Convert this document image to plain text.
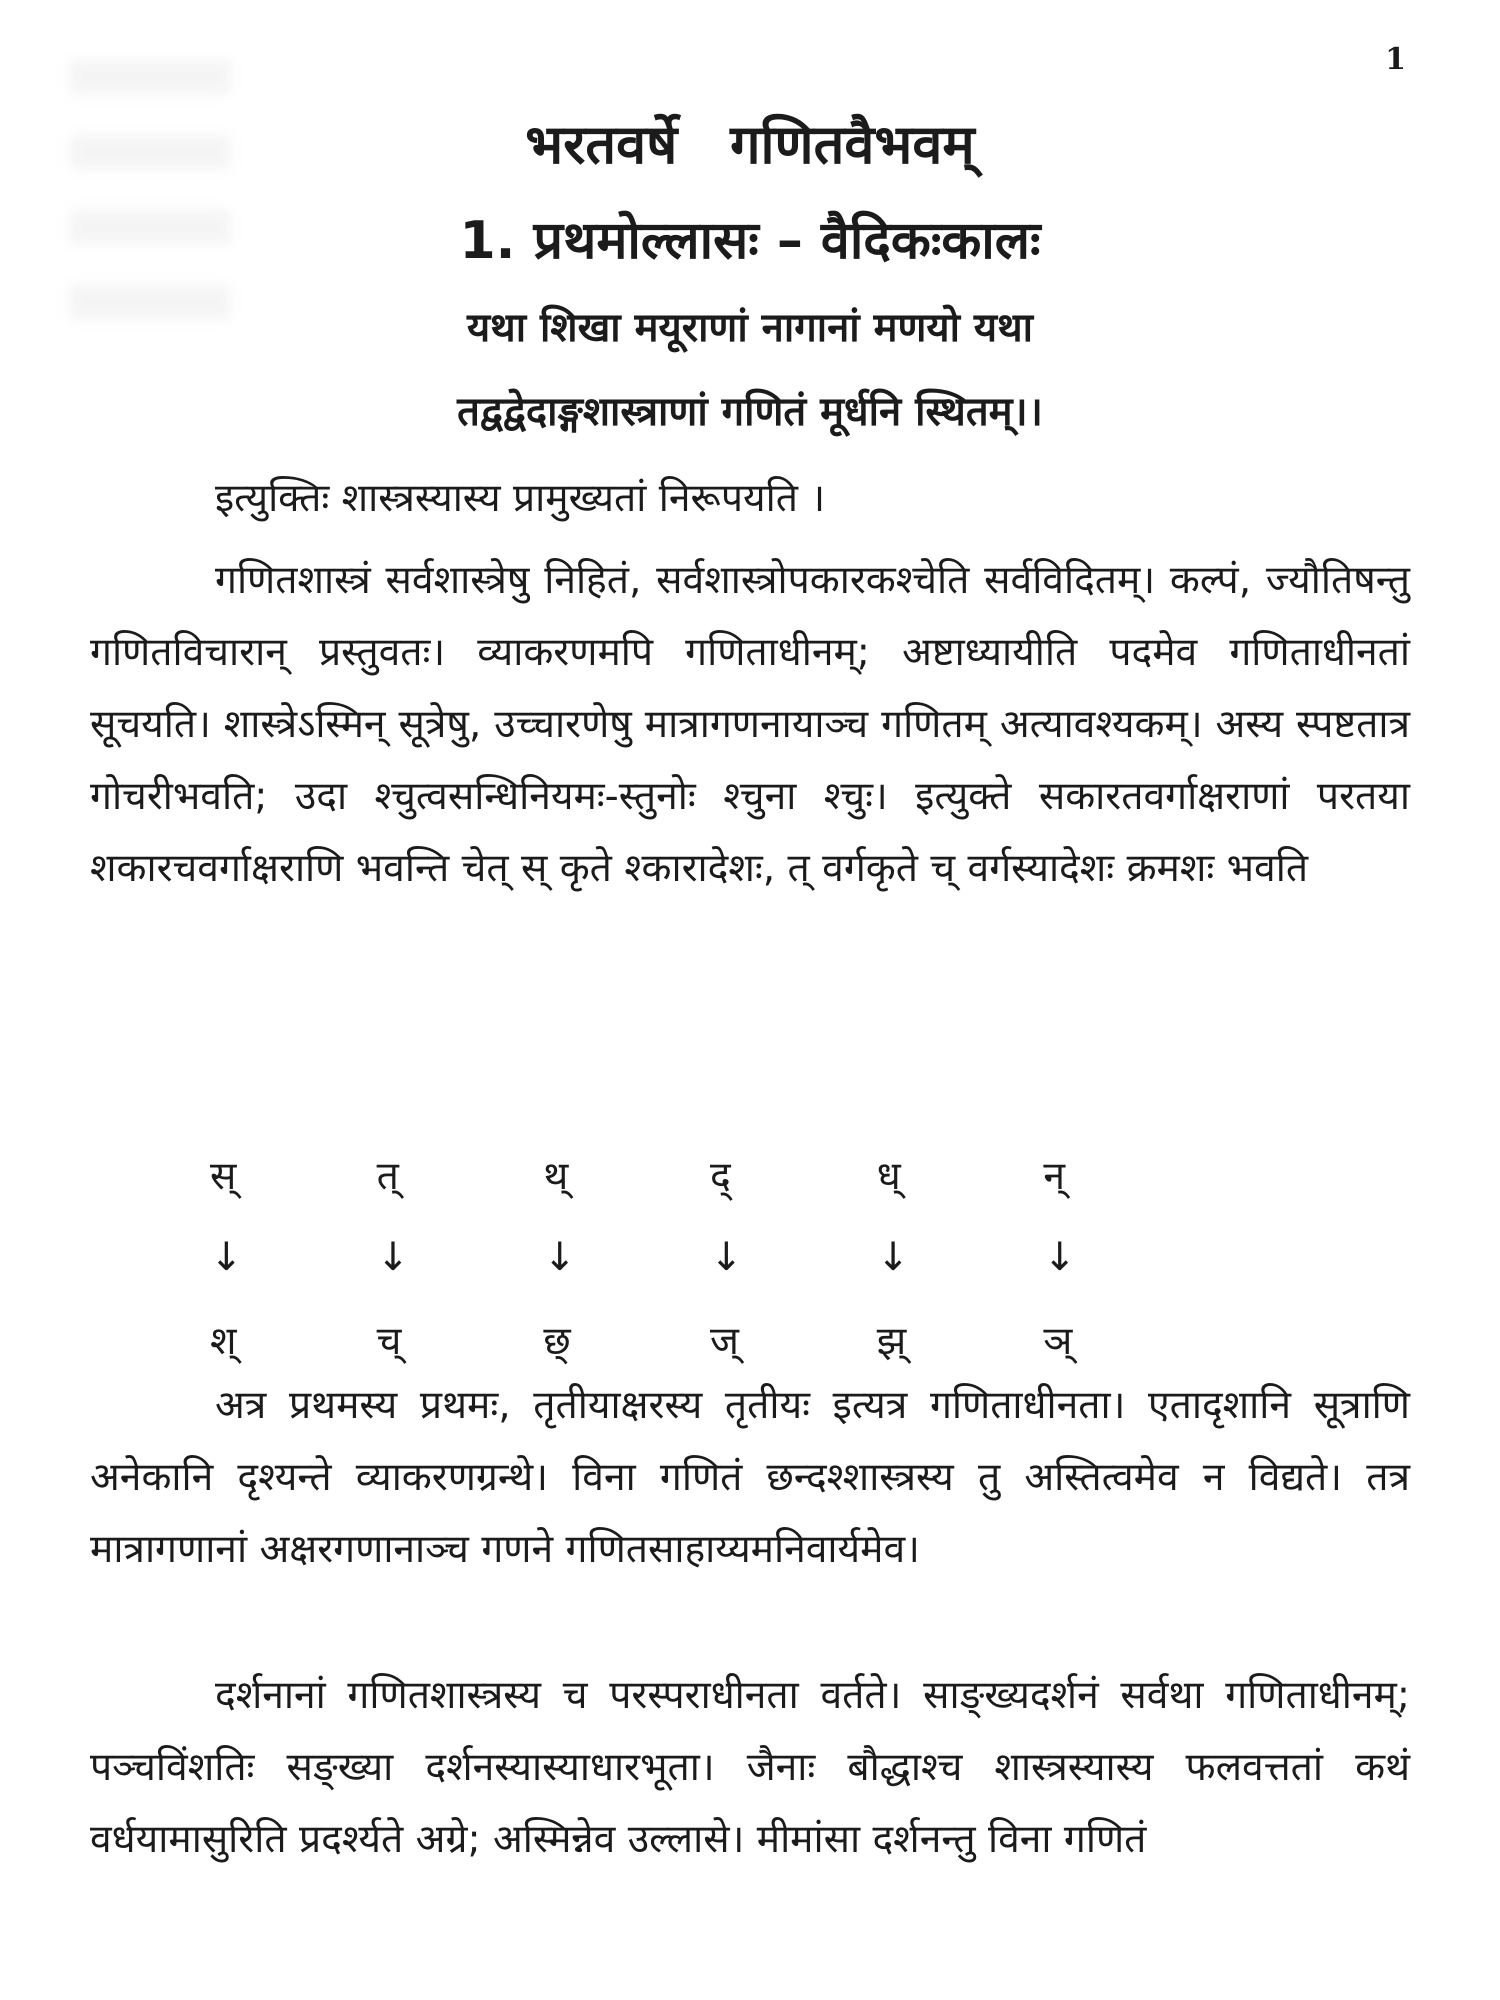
1
भरतवर्षे गणितवैभवम्
1. प्रथमोल्लासः – वैदिकःकालः
यथा शिखा मयूराणां नागानां मणयो यथा
तद्वद्वेदाङ्गशास्त्राणां गणितं मूर्धनि स्थितम्।।

इत्युक्तिः शास्त्रस्यास्य प्रामुख्यतां निरूपयति ।

गणितशास्त्रं सर्वशास्त्रेषु निहितं, सर्वशास्त्रोपकारकश्चेति सर्वविदितम्। कल्पं, ज्यौतिषन्तु गणितविचारान् प्रस्तुवतः। व्याकरणमपि गणिताधीनम्; अष्टाध्यायीति पदमेव गणिताधीनतां सूचयति। शास्त्रेऽस्मिन् सूत्रेषु, उच्चारणेषु मात्रागणनायाञ्च गणितम् अत्यावश्यकम्। अस्य स्पष्टतात्र गोचरीभवति; उदा श्चुत्वसन्धिनियमः-स्तुनोः श्चुना श्चुः। इत्युक्ते सकारतवर्गाक्षराणां परतया शकारचवर्गाक्षराणि भवन्ति चेत् स् कृते श्कारादेशः, त् वर्गकृते च् वर्गस्यादेशः क्रमशः भवति

स्	त्	थ्	द्	ध्	न्
↓	↓	↓	↓	↓	↓
श्	च्	छ्	ज्	झ्	ञ्

अत्र प्रथमस्य प्रथमः, तृतीयाक्षरस्य तृतीयः इत्यत्र गणिताधीनता। एतादृशानि सूत्राणि अनेकानि दृश्यन्ते व्याकरणग्रन्थे। विना गणितं छन्दश्शास्त्रस्य तु अस्तित्वमेव न विद्यते। तत्र मात्रागणानां अक्षरगणानाञ्च गणने गणितसाहाय्यमनिवार्यमेव।

दर्शनानां गणितशास्त्रस्य च परस्पराधीनता वर्तते। साङ्ख्यदर्शनं सर्वथा गणिताधीनम्; पञ्चविंशतिः सङ्ख्या दर्शनस्यास्याधारभूता। जैनाः बौद्धाश्च शास्त्रस्यास्य फलवत्ततां कथं वर्धयामासुरिति प्रदर्श्यते अग्रे; अस्मिन्नेव उल्लासे। मीमांसा दर्शनन्तु विना गणितं
